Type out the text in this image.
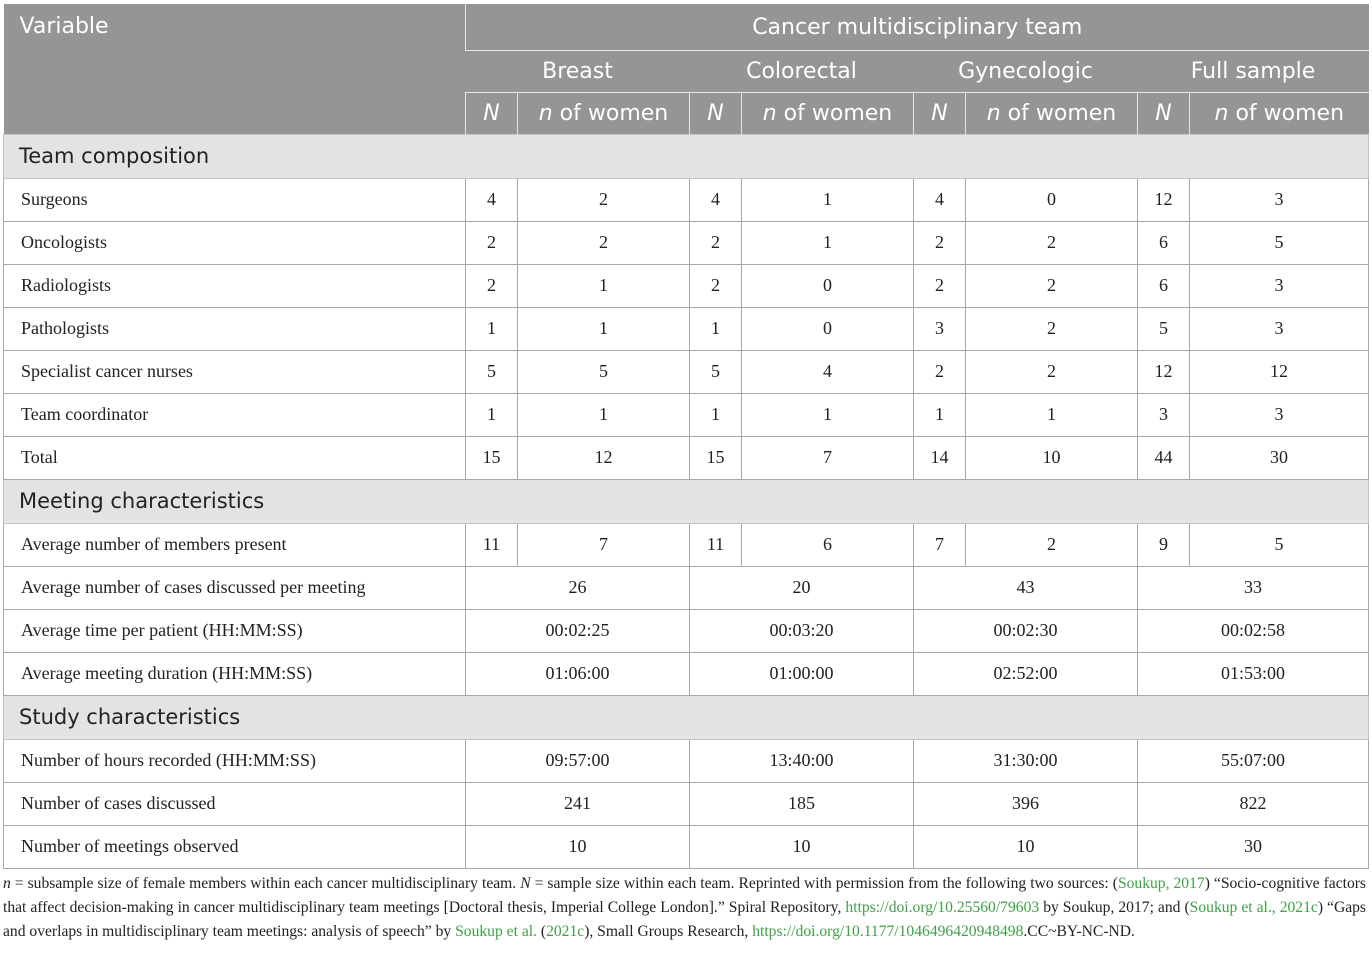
Variable	Cancer multidisciplinary team							
	Breast		Colorectal		Gynecologic		Full sample	
	N	n of women	N	n of women	N	n of women	N	n of women
Team composition								
Surgeons	4	2	4	1	4	0	12	3
Oncologists	2	2	2	1	2	2	6	5
Radiologists	2	1	2	0	2	2	6	3
Pathologists	1	1	1	0	3	2	5	3
Specialist cancer nurses	5	5	5	4	2	2	12	12
Team coordinator	1	1	1	1	1	1	3	3
Total	15	12	15	7	14	10	44	30
Meeting characteristics								
Average number of members present	11	7	11	6	7	2	9	5
Average number of cases discussed per meeting	26		20		43		33	
Average time per patient (HH:MM:SS)	00:02:25		00:03:20		00:02:30		00:02:58	
Average meeting duration (HH:MM:SS)	01:06:00		01:00:00		02:52:00		01:53:00	
Study characteristics								
Number of hours recorded (HH:MM:SS)	09:57:00		13:40:00		31:30:00		55:07:00	
Number of cases discussed	241		185		396		822	
Number of meetings observed	10		10		10		30	
n = subsample size of female members within each cancer multidisciplinary team. N = sample size within each team. Reprinted with permission from the following two sources: (Soukup, 2017) “Socio-cognitive factors that affect decision-making in cancer multidisciplinary team meetings [Doctoral thesis, Imperial College London].” Spiral Repository, https://doi.org/10.25560/79603 by Soukup, 2017; and (Soukup et al., 2021c) “Gaps and overlaps in multidisciplinary team meetings: analysis of speech” by Soukup et al. (2021c), Small Groups Research, https://doi.org/10.1177/1046496420948498.CC~BY-NC-ND.
